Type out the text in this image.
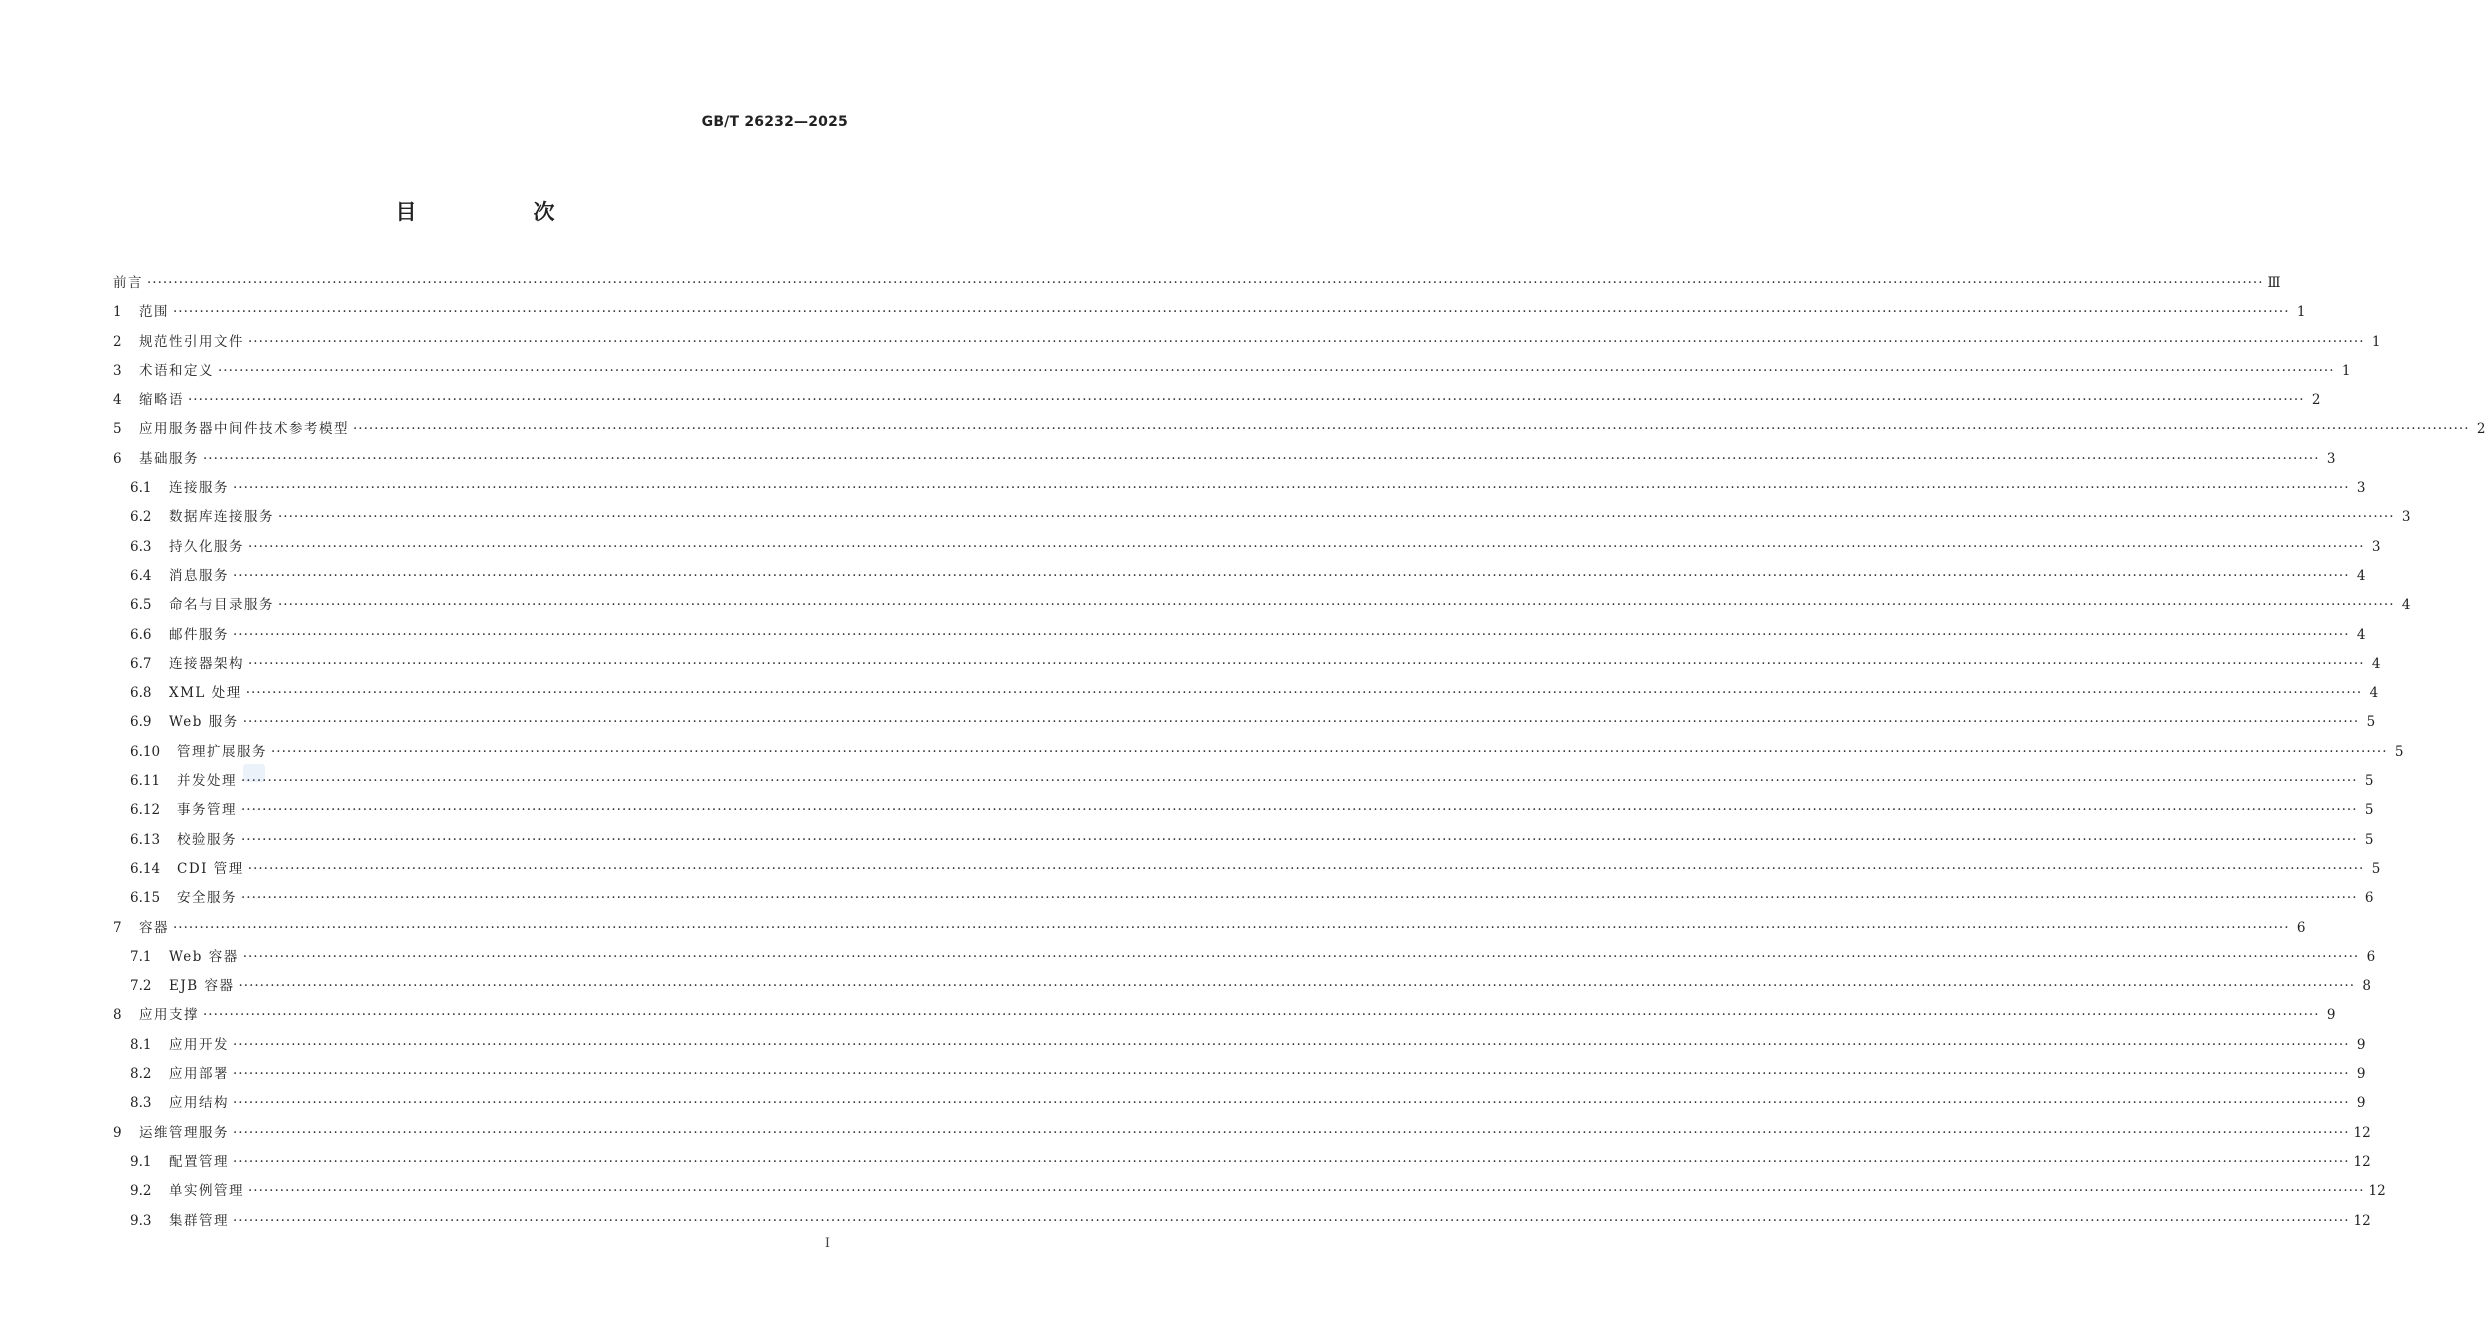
GB/T 26232—2025
目　次
前言 ················································································································································································································································································································································································································ Ⅲ
1	范围 ················································································································································································································································································································································································································ 1
2	规范性引用文件 ················································································································································································································································································································································································································ 1
3	术语和定义 ················································································································································································································································································································································································································ 1
4	缩略语 ················································································································································································································································································································································································································ 2
5	应用服务器中间件技术参考模型 ················································································································································································································································································································································································································ 2
6	基础服务 ················································································································································································································································································································································································································ 3
6.1	连接服务 ················································································································································································································································································································································································································ 3
6.2	数据库连接服务 ················································································································································································································································································································································································································ 3
6.3	持久化服务 ················································································································································································································································································································································································································ 3
6.4	消息服务 ················································································································································································································································································································································································································ 4
6.5	命名与目录服务 ················································································································································································································································································································································································································ 4
6.6	邮件服务 ················································································································································································································································································································································································································ 4
6.7	连接器架构 ················································································································································································································································································································································································································ 4
6.8	XML 处理 ················································································································································································································································································································································································································ 4
6.9	Web 服务 ················································································································································································································································································································································································································ 5
6.10	管理扩展服务 ················································································································································································································································································································································································································ 5
6.11	并发处理 ················································································································································································································································································································································································································ 5
6.12	事务管理 ················································································································································································································································································································································································································ 5
6.13	校验服务 ················································································································································································································································································································································································································ 5
6.14	CDI 管理 ················································································································································································································································································································································································································ 5
6.15	安全服务 ················································································································································································································································································································································································································ 6
7	容器 ················································································································································································································································································································································································································ 6
7.1	Web 容器 ················································································································································································································································································································································································································ 6
7.2	EJB 容器 ················································································································································································································································································································································································································ 8
8	应用支撑 ················································································································································································································································································································································································································ 9
8.1	应用开发 ················································································································································································································································································································································································································ 9
8.2	应用部署 ················································································································································································································································································································································································································ 9
8.3	应用结构 ················································································································································································································································································································································································································ 9
9	运维管理服务 ················································································································································································································································································································································································································ 12
9.1	配置管理 ················································································································································································································································································································································································································ 12
9.2	单实例管理 ················································································································································································································································································································································································································ 12
9.3	集群管理 ················································································································································································································································································································································································································ 12
Ⅰ
